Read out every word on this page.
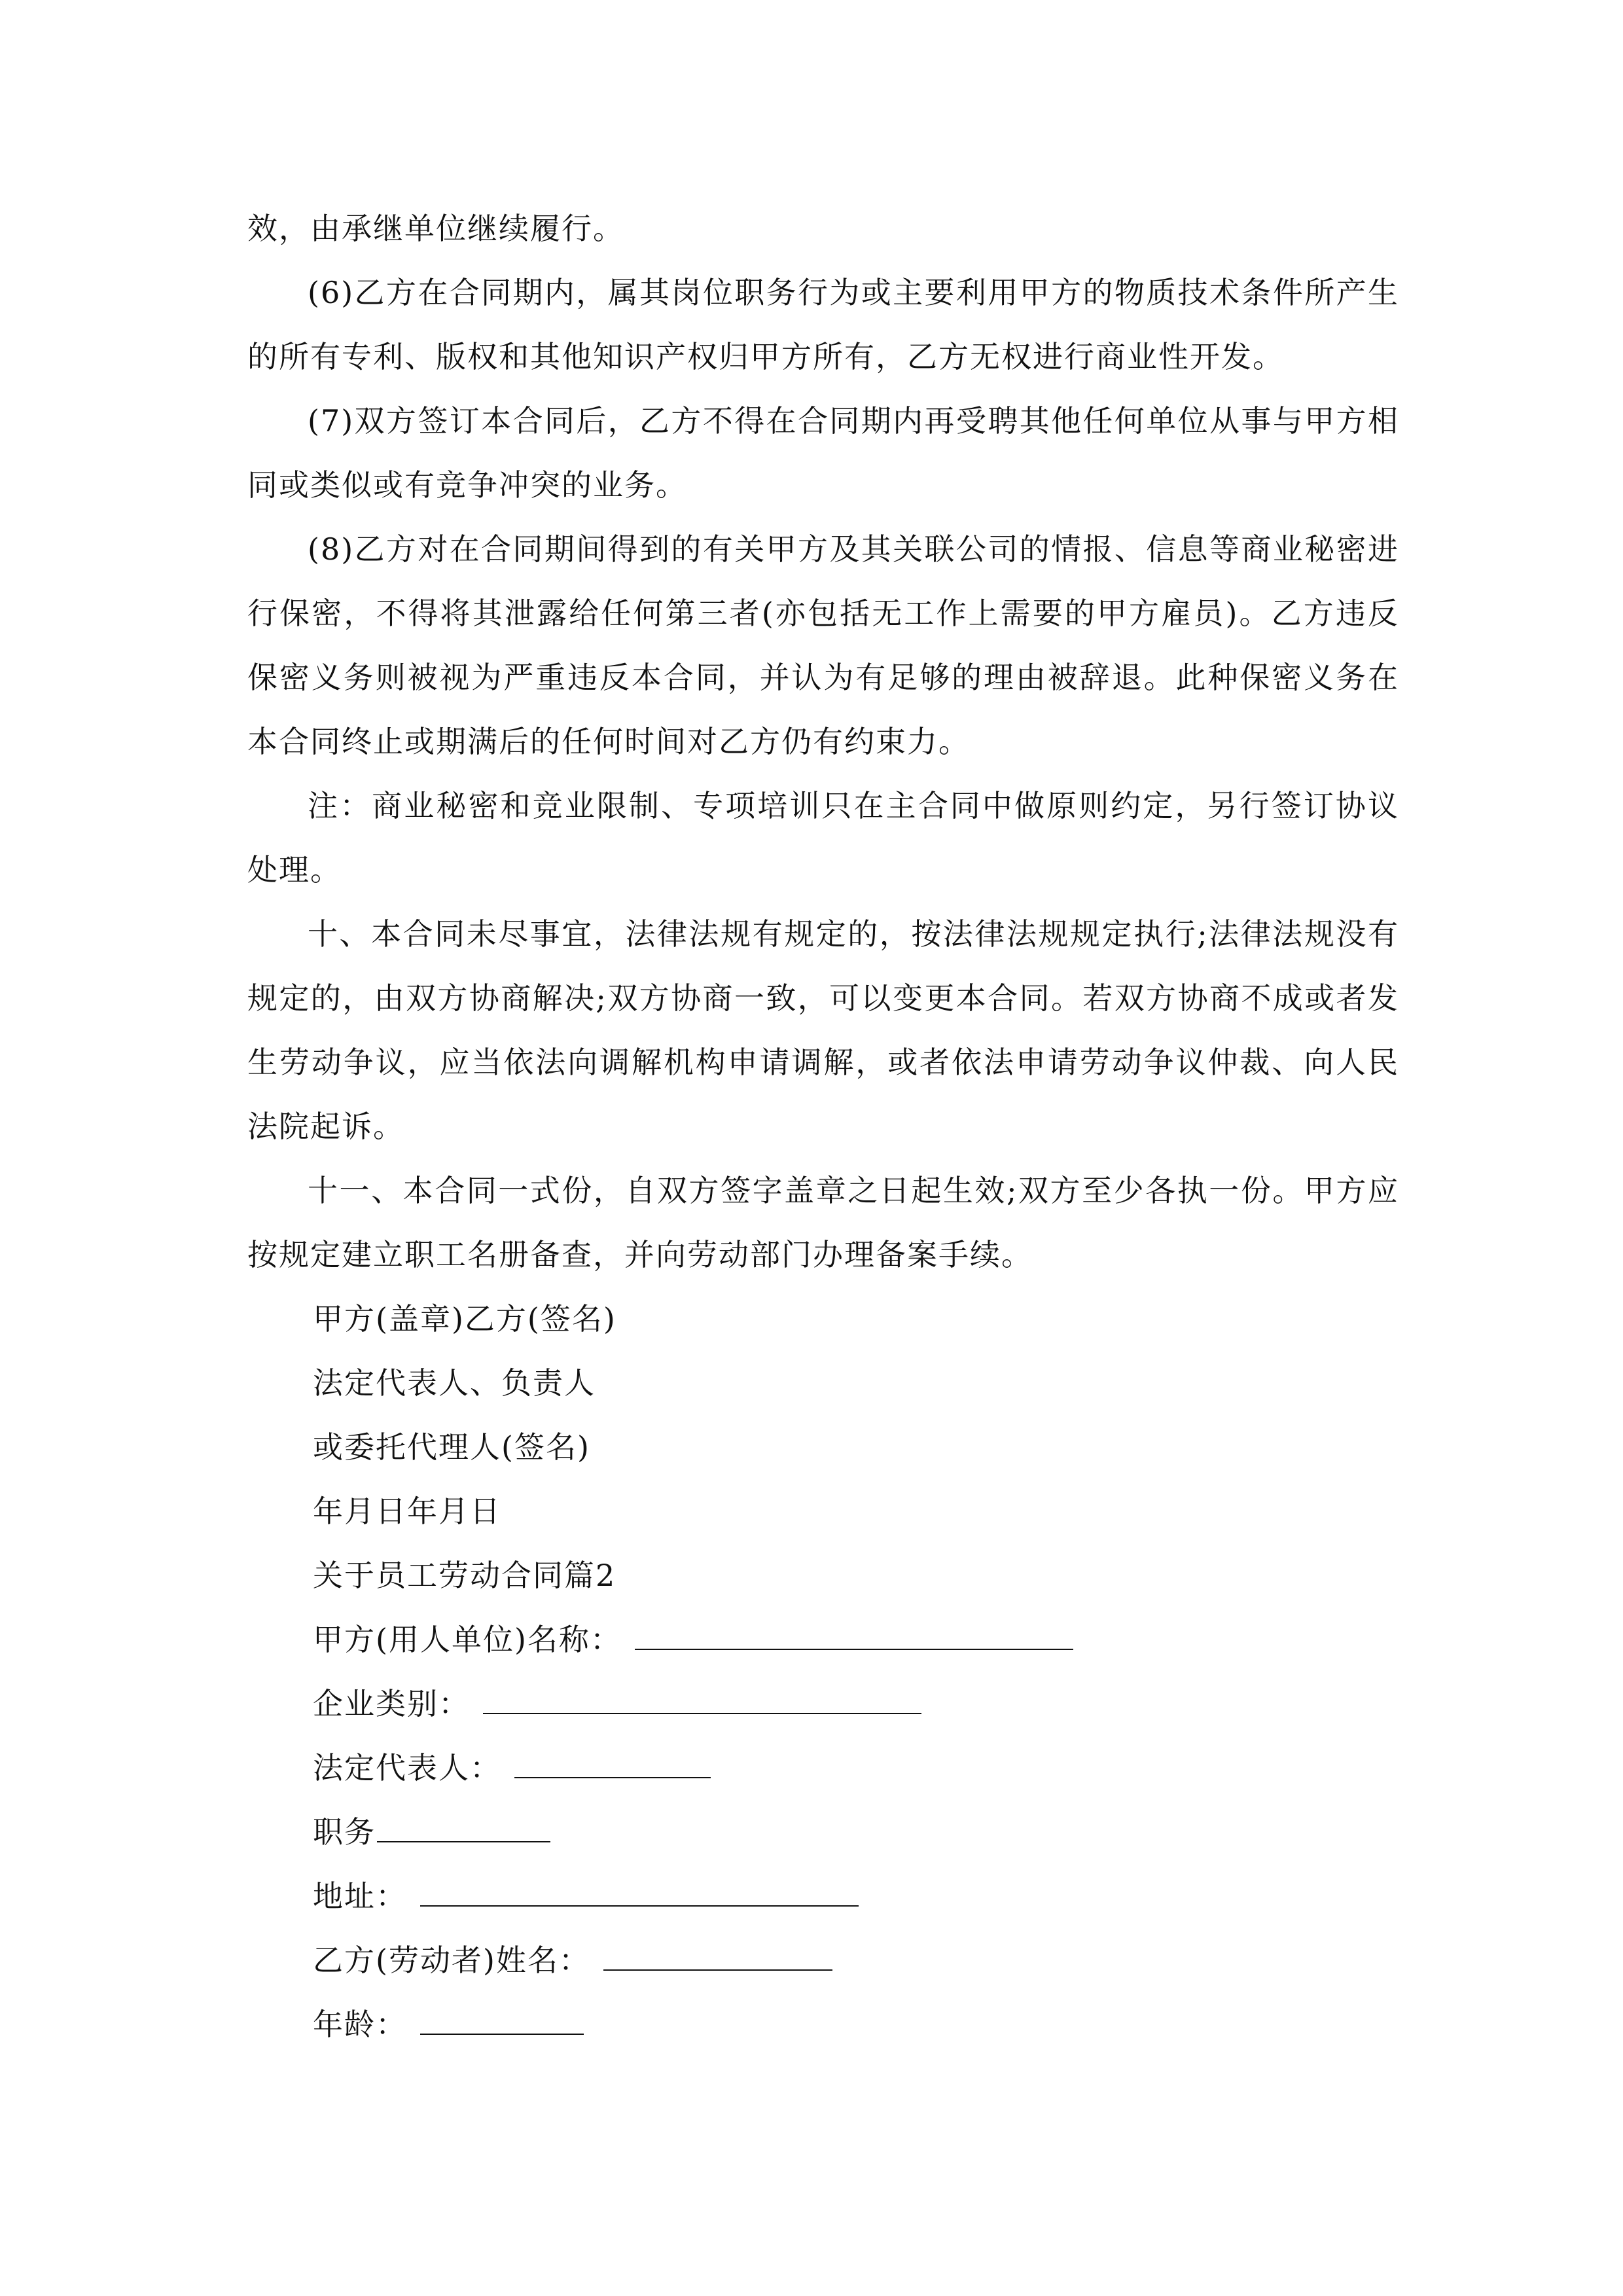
效，由承继单位继续履行。

(6)乙方在合同期内，属其岗位职务行为或主要利用甲方的物质技术条件所产生的所有专利、版权和其他知识产权归甲方所有，乙方无权进行商业性开发。

(7)双方签订本合同后，乙方不得在合同期内再受聘其他任何单位从事与甲方相同或类似或有竞争冲突的业务。

(8)乙方对在合同期间得到的有关甲方及其关联公司的情报、信息等商业秘密进行保密，不得将其泄露给任何第三者(亦包括无工作上需要的甲方雇员)。乙方违反保密义务则被视为严重违反本合同，并认为有足够的理由被辞退。此种保密义务在本合同终止或期满后的任何时间对乙方仍有约束力。

注：商业秘密和竞业限制、专项培训只在主合同中做原则约定，另行签订协议处理。

十、本合同未尽事宜，法律法规有规定的，按法律法规规定执行;法律法规没有规定的，由双方协商解决;双方协商一致，可以变更本合同。若双方协商不成或者发生劳动争议，应当依法向调解机构申请调解，或者依法申请劳动争议仲裁、向人民法院起诉。

十一、本合同一式份，自双方签字盖章之日起生效;双方至少各执一份。甲方应按规定建立职工名册备查，并向劳动部门办理备案手续。

甲方(盖章)乙方(签名)

法定代表人、负责人

或委托代理人(签名)

年月日年月日

关于员工劳动合同篇2

甲方(用人单位)名称：

企业类别：

法定代表人：

职务

地址：

乙方(劳动者)姓名：

年龄：
